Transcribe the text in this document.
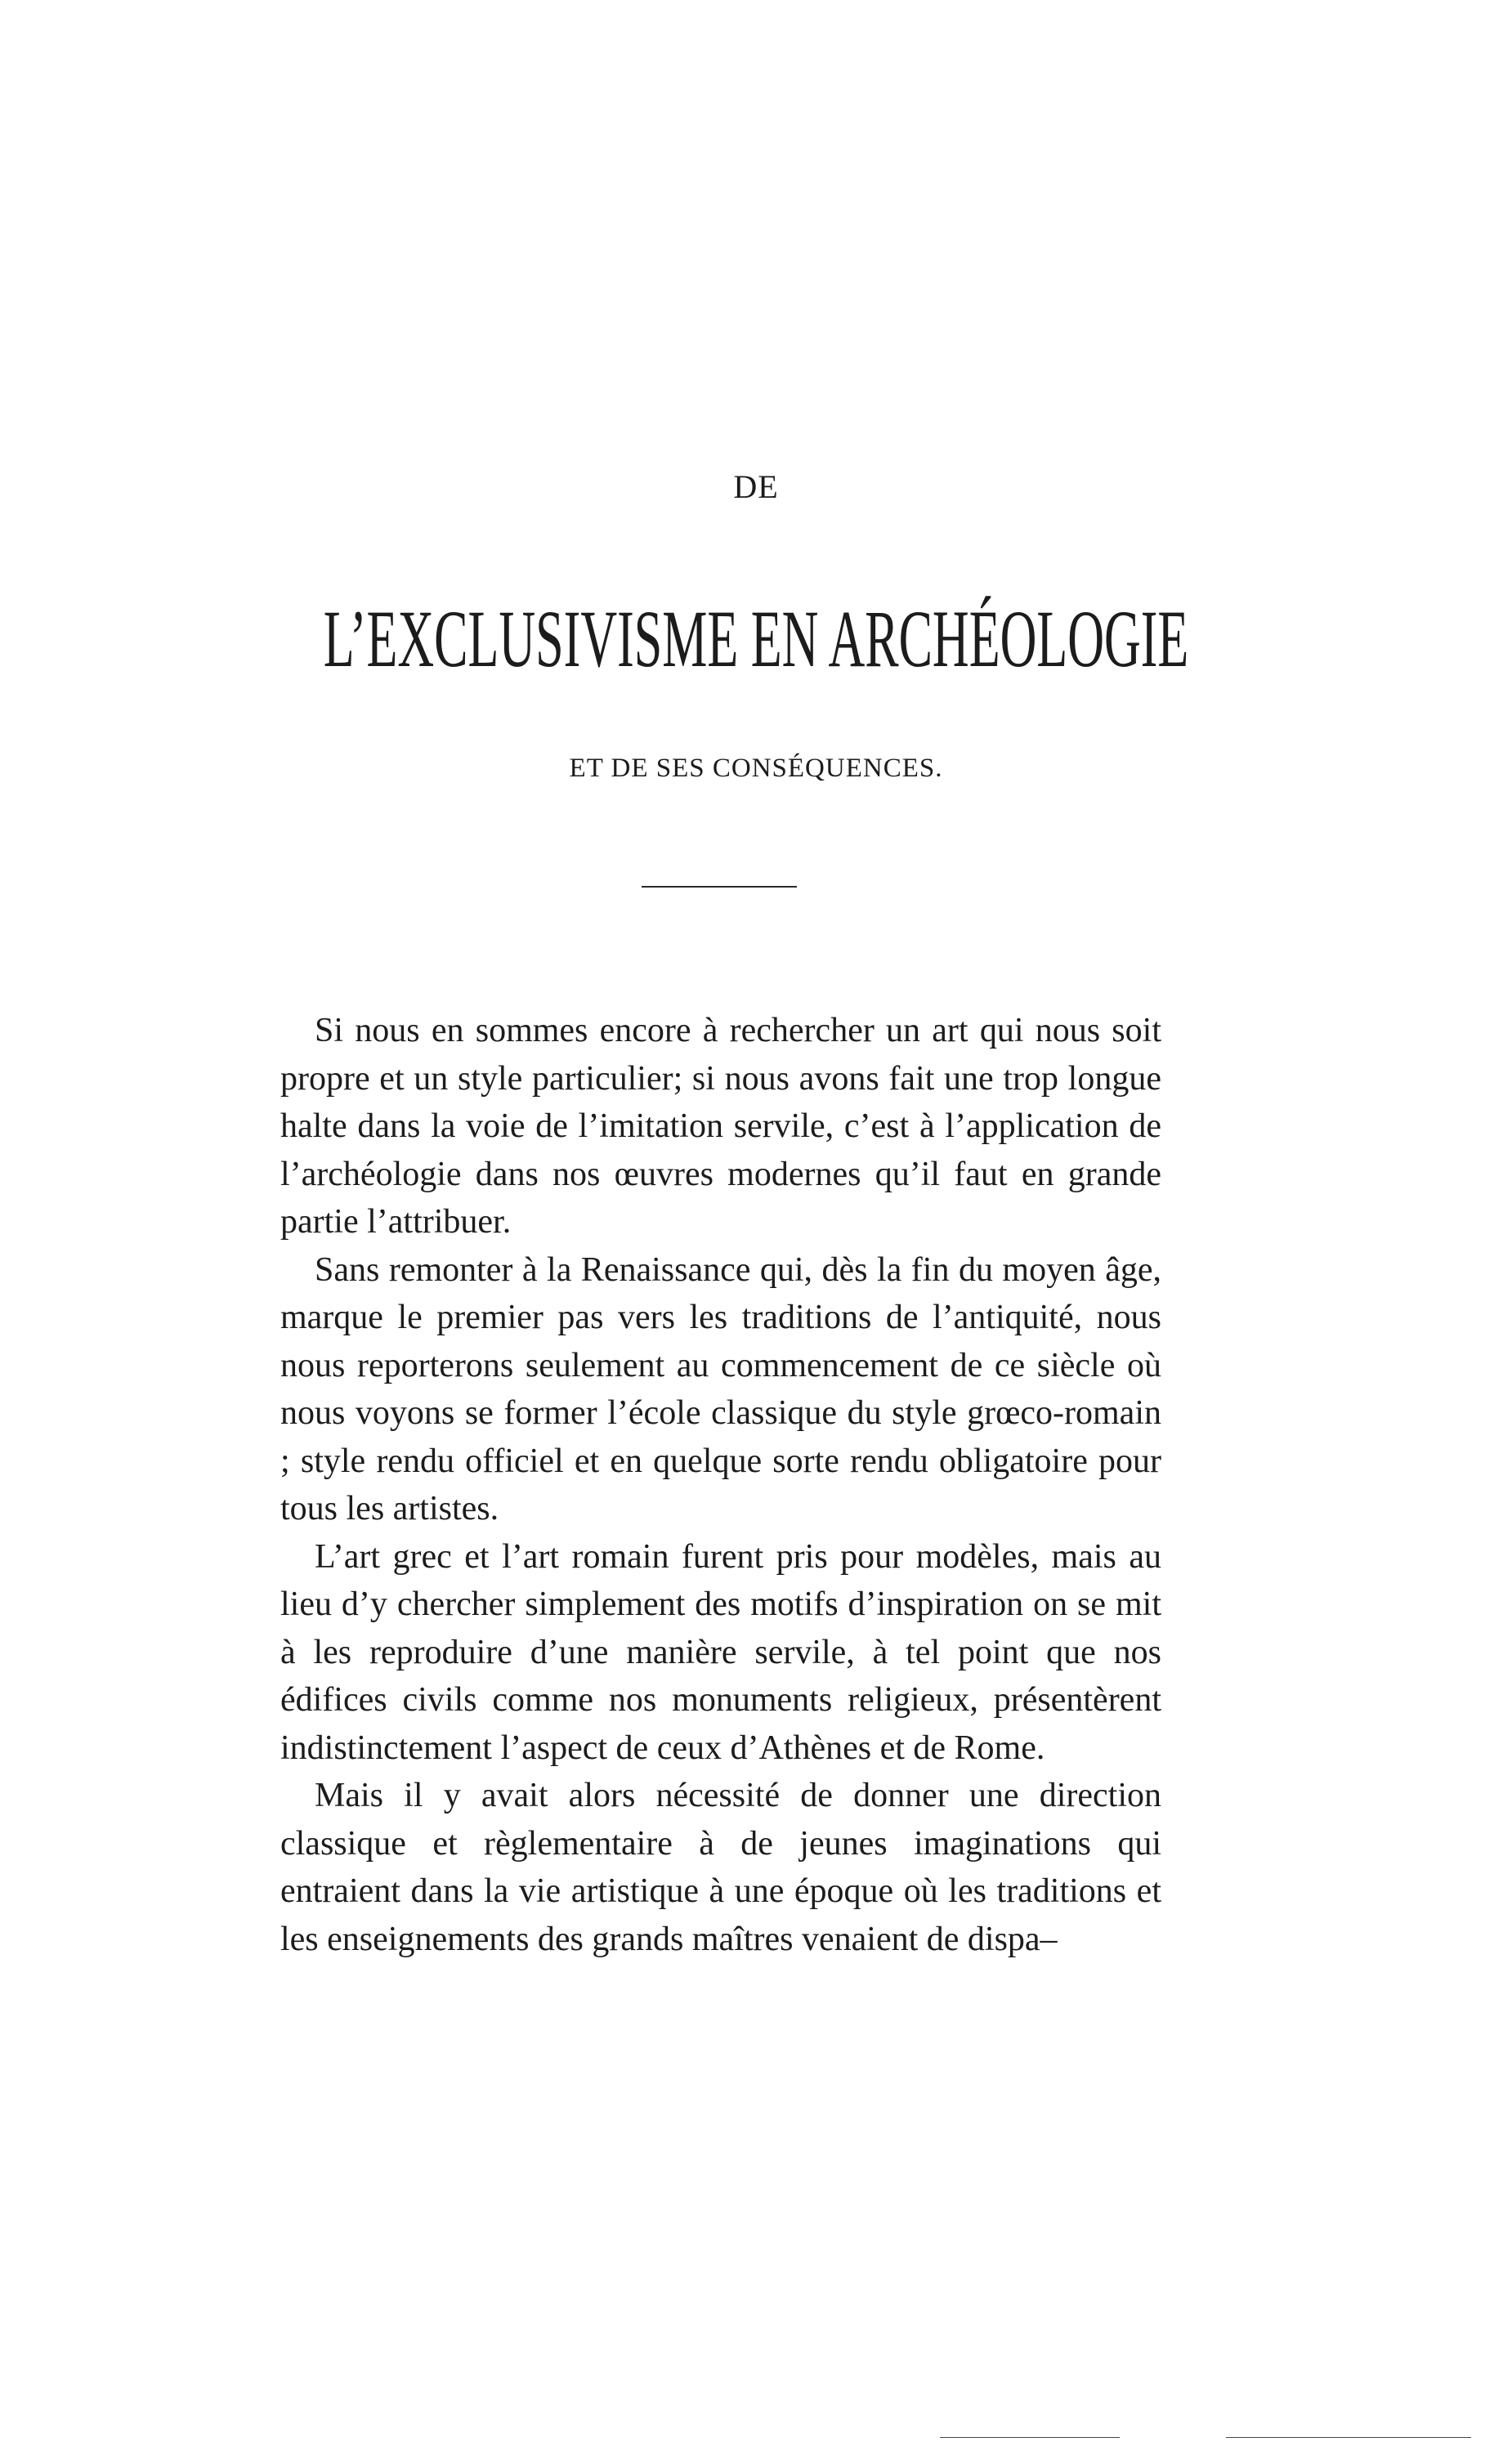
DE
L’EXCLUSIVISME EN ARCHÉOLOGIE
ET DE SES CONSÉQUENCES.

Si nous en sommes encore à rechercher un art qui nous soit propre et un style particulier; si nous avons fait une trop longue halte dans la voie de l’imitation servile, c’est à l’application de l’archéologie dans nos œuvres modernes qu’il faut en grande partie l’attribuer.

Sans remonter à la Renaissance qui, dès la fin du moyen âge, marque le premier pas vers les traditions de l’antiquité, nous nous reporterons seulement au commencement de ce siècle où nous voyons se former l’école classique du style grœco-romain ; style rendu officiel et en quelque sorte rendu obligatoire pour tous les artistes.

L’art grec et l’art romain furent pris pour modèles, mais au lieu d’y chercher simplement des motifs d’inspiration on se mit à les reproduire d’une manière servile, à tel point que nos édifices civils comme nos monuments religieux, présentèrent indistinctement l’aspect de ceux d’Athènes et de Rome.

Mais il y avait alors nécessité de donner une direction classique et règlementaire à de jeunes imaginations qui entraient dans la vie artistique à une époque où les traditions et les enseignements des grands maîtres venaient de dispa–
